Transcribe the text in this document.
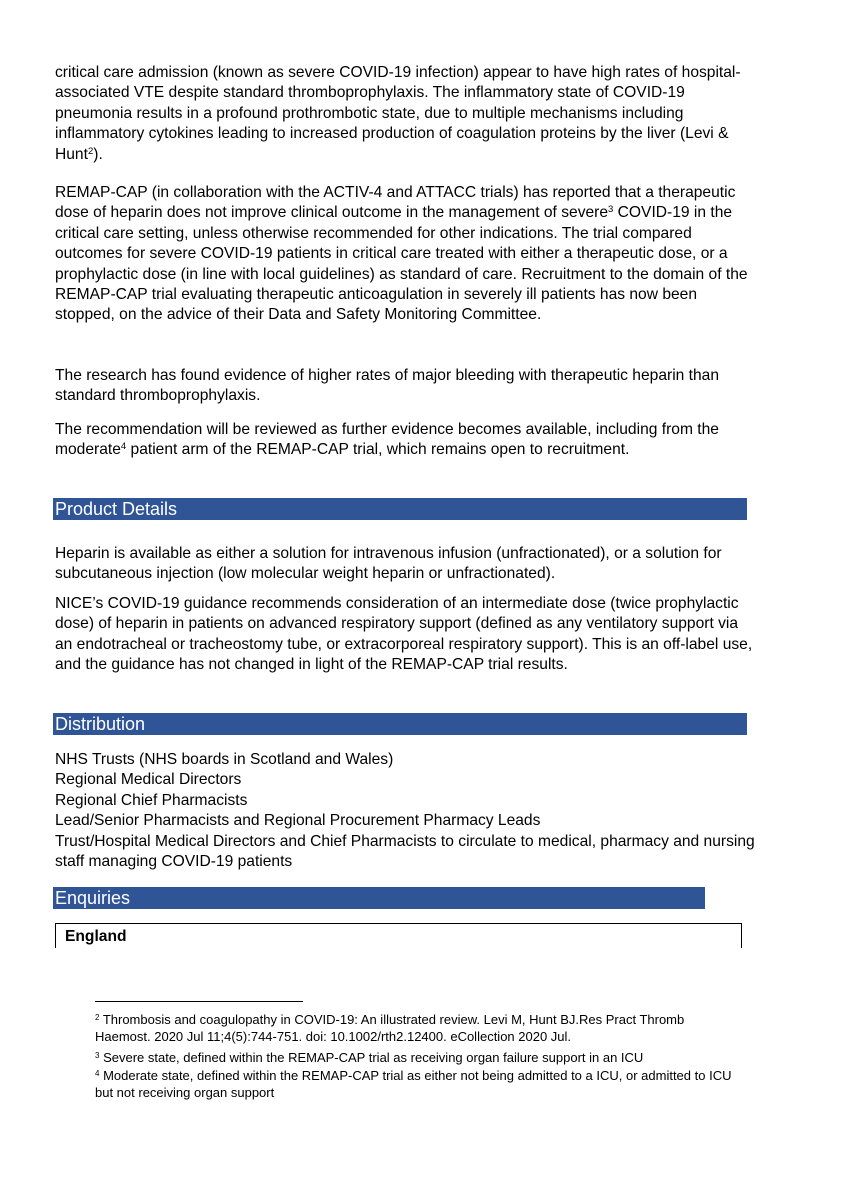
critical care admission (known as severe COVID-19 infection) appear to have high rates of hospital-associated VTE despite standard thromboprophylaxis. The inflammatory state of COVID-19 pneumonia results in a profound prothrombotic state, due to multiple mechanisms including inflammatory cytokines leading to increased production of coagulation proteins by the liver (Levi & Hunt$^2$).

REMAP-CAP (in collaboration with the ACTIV-4 and ATTACC trials) has reported that a therapeutic dose of heparin does not improve clinical outcome in the management of severe$^3$ COVID-19 in the critical care setting, unless otherwise recommended for other indications. The trial compared outcomes for severe COVID-19 patients in critical care treated with either a therapeutic dose, or a prophylactic dose (in line with local guidelines) as standard of care. Recruitment to the domain of the REMAP-CAP trial evaluating therapeutic anticoagulation in severely ill patients has now been stopped, on the advice of their Data and Safety Monitoring Committee.

The research has found evidence of higher rates of major bleeding with therapeutic heparin than standard thromboprophylaxis.

The recommendation will be reviewed as further evidence becomes available, including from the moderate$^4$ patient arm of the REMAP-CAP trial, which remains open to recruitment.

Product Details

Heparin is available as either a solution for intravenous infusion (unfractionated), or a solution for subcutaneous injection (low molecular weight heparin or unfractionated).

NICE’s COVID-19 guidance recommends consideration of an intermediate dose (twice prophylactic dose) of heparin in patients on advanced respiratory support (defined as any ventilatory support via an endotracheal or tracheostomy tube, or extracorporeal respiratory support). This is an off-label use, and the guidance has not changed in light of the REMAP-CAP trial results.

Distribution
NHS Trusts (NHS boards in Scotland and Wales)
Regional Medical Directors
Regional Chief Pharmacists
Lead/Senior Pharmacists and Regional Procurement Pharmacy Leads
Trust/Hospital Medical Directors and Chief Pharmacists to circulate to medical, pharmacy and nursing staff managing COVID-19 patients
Enquiries
England

$^2$ Thrombosis and coagulopathy in COVID-19: An illustrated review. Levi M, Hunt BJ.Res Pract Thromb Haemost. 2020 Jul 11;4(5):744-751. doi: 10.1002/rth2.12400. eCollection 2020 Jul.

$^3$ Severe state, defined within the REMAP-CAP trial as receiving organ failure support in an ICU

$^4$ Moderate state, defined within the REMAP-CAP trial as either not being admitted to a ICU, or admitted to ICU but not receiving organ support
